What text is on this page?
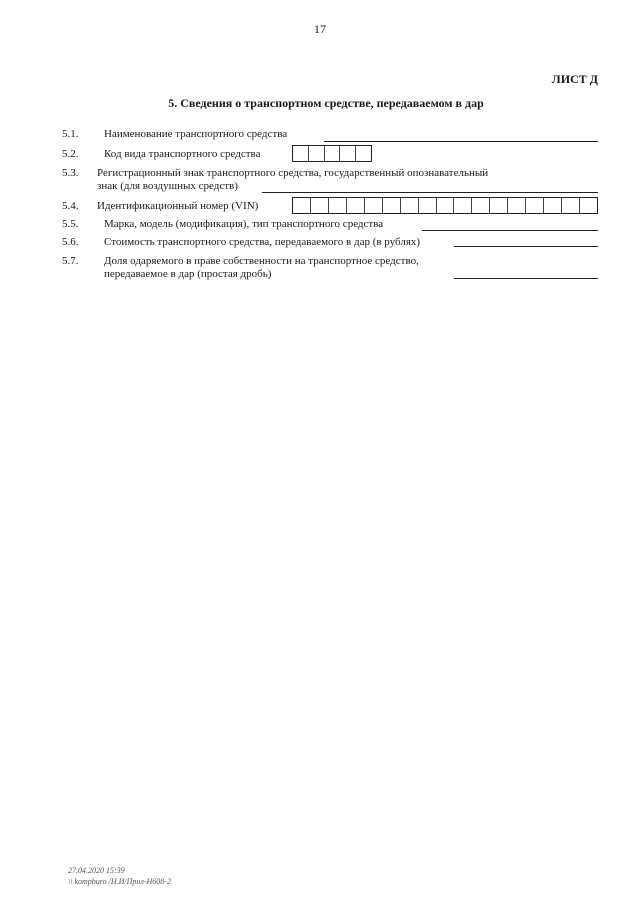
17
ЛИСТ Д
5. Сведения о транспортном средстве, передаваемом в дар
5.1. Наименование транспортного средства
5.2. Код вида транспортного средства
5.3. Регистрационный знак транспортного средства, государственный опознавательный
знак (для воздушных средств)
5.4. Идентификационный номер (VIN)
5.5. Марка, модель (модификация), тип транспортного средства
5.6. Стоимость транспортного средства, передаваемого в дар (в рублях)
5.7. Доля одаряемого в праве собственности на транспортное средство,
передаваемое в дар (простая дробь)
27.04.2020 15:39
\\ kompburo /Н.И/Прил-Н608-2
